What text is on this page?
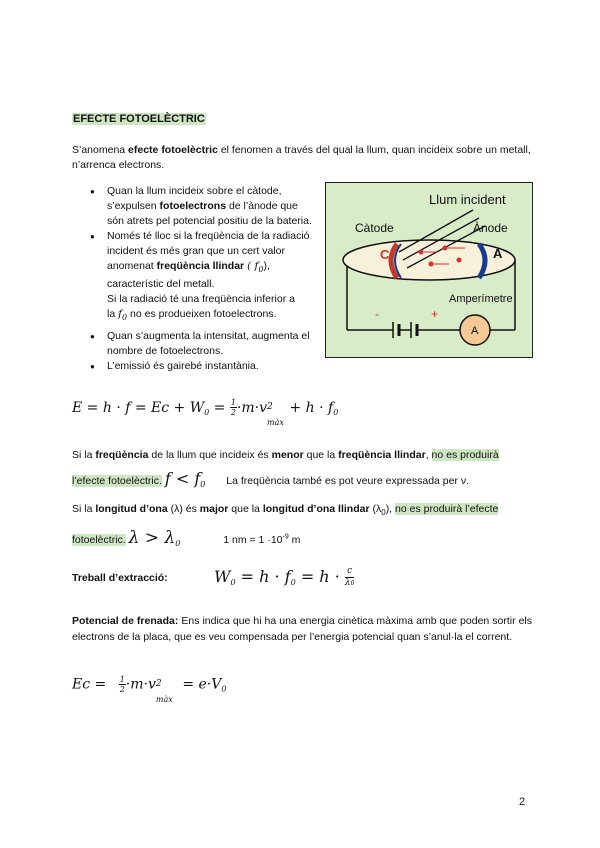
EFECTE FOTOELÈCTRIC
S’anomena efecte fotoelèctric el fenomen a través del qual la llum, quan incideix sobre un metall, n’arrenca electrons.
● Quan la llum incideix sobre el càtode, s’expulsen fotoelectrons de l’ànode que són atrets pel potencial positiu de la bateria.
● Només té lloc si la freqüència de la radiació incident és més gran que un cert valor anomenat freqüència llindar ( $f_0$),
característic del metall.
Si la radiació té una freqüència inferior a
la $f_0$ no es produeixen fotoelectrons.
● Quan s’augmenta la intensitat, augmenta el nombre de fotoelectrons.
● L’emissió és gairebé instantània.
Llum incident
Càtode	Ànode
C	A
Amperímetre
-	+
A
$E = h \cdot f = Ec + W0 = \frac{1}{2} \cdot m\cdot v$ 2
màx
+ h · f0
Si la freqüència de la llum que incideix és menor que la freqüència llindar, no es produirà
l’efecte fotoelèctric. $f < f_0$ La freqüència també es pot veure expressada per ν.
Si la longitud d’ona (λ) és major que la longitud d’ona llindar $(\lambda_0)$, no es produirà l’efecte
fotoelèctric. $\lambda > \lambda_0$	1 nm = $1 \cdot 10^{-9}$ m
Treball d’extracció:	$W_0 = h \cdot f_0 = h \cdot \frac{c}{\lambda 0}$
Potencial de frenada: Ens indica que hi ha una energia cinètica màxima amb que poden sortir els electrons de la placa, que es veu compensada per l’energia potencial quan s’anul·la el corrent.
$Ec = \frac{1}{2} \cdot m\cdot v$ 2
màx
= $e\cdot V_0$
2
